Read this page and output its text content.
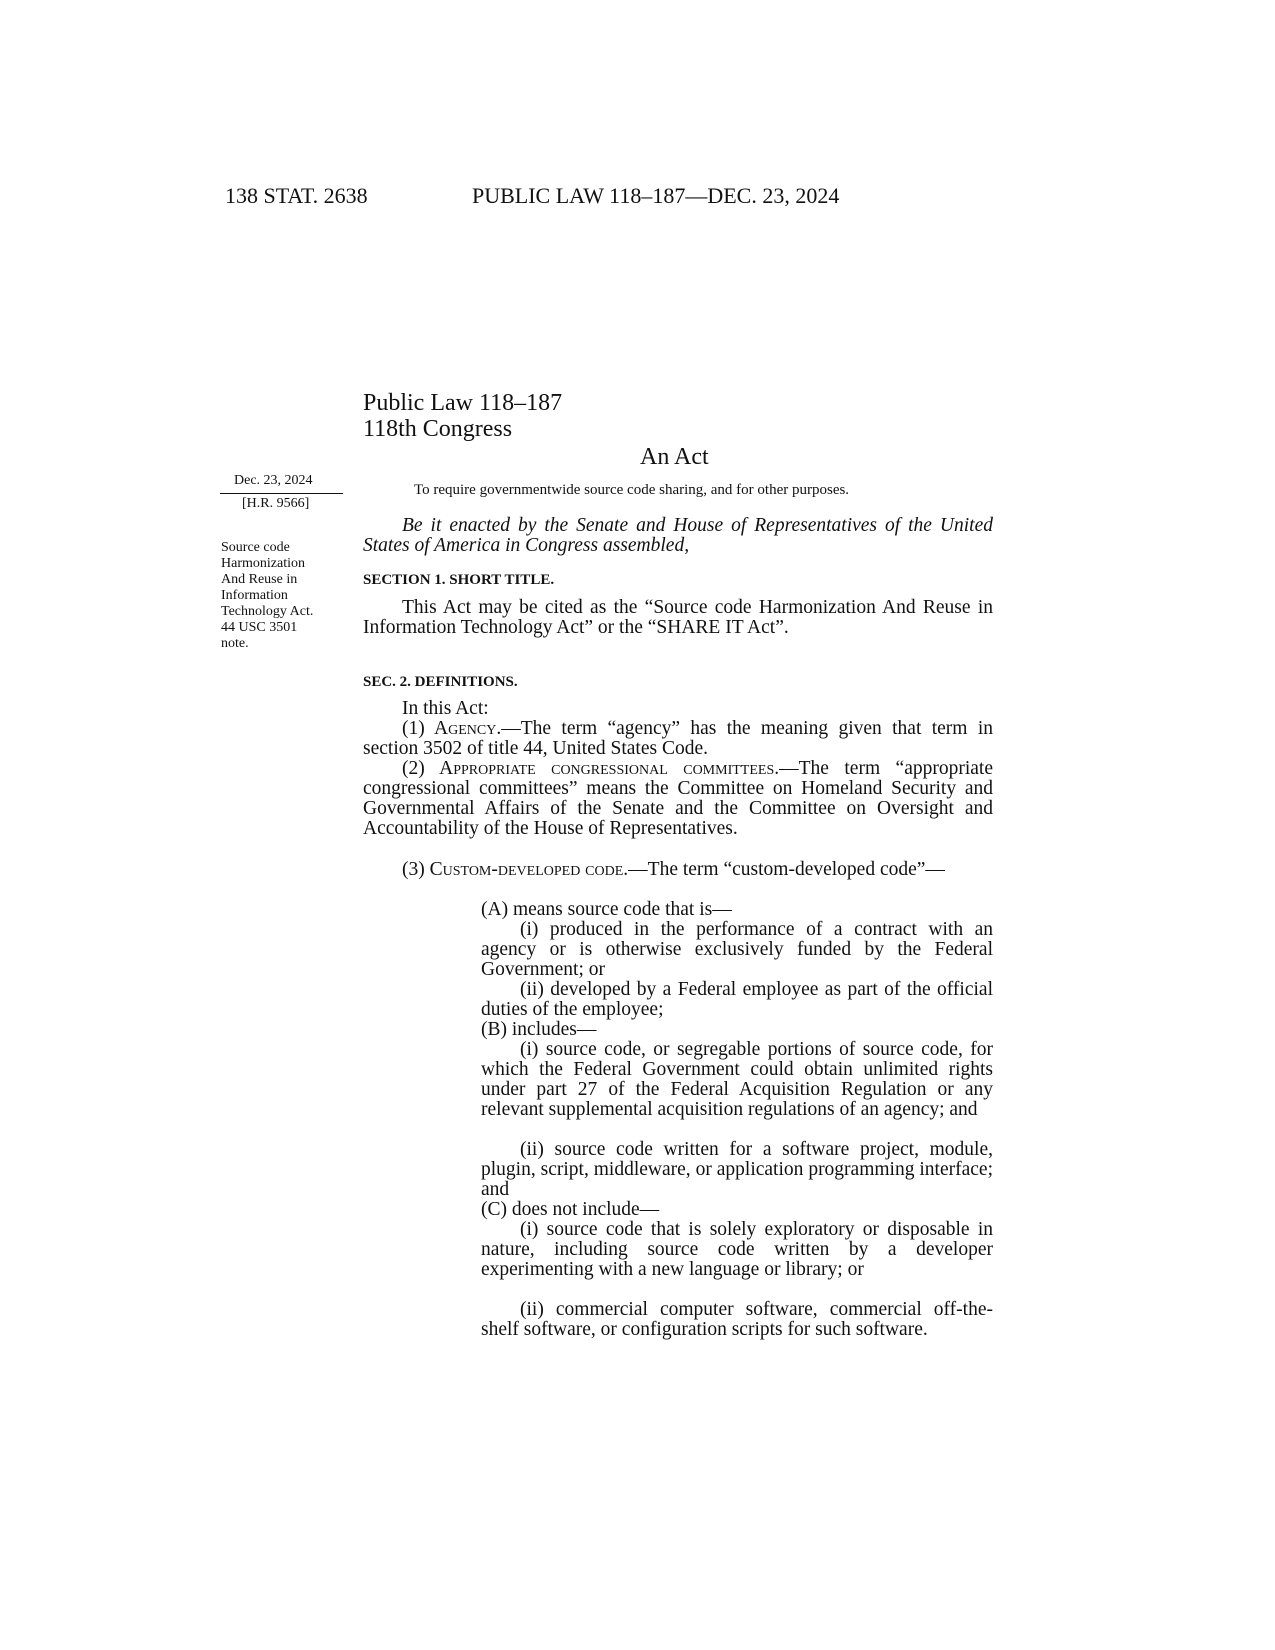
138 STAT. 2638	PUBLIC LAW 118–187—DEC. 23, 2024
Public Law 118–187
118th Congress
An Act
Dec. 23, 2024
[H.R. 9566]
Source code
Harmonization
And Reuse in
Information
Technology Act.
44 USC 3501
note.
To require governmentwide source code sharing, and for other purposes.
Be it enacted by the Senate and House of Representatives of the United States of America in Congress assembled,
SECTION 1. SHORT TITLE.
This Act may be cited as the “Source code Harmonization And Reuse in Information Technology Act” or the “SHARE IT Act”.
SEC. 2. DEFINITIONS.
In this Act:
(1) Agency.—The term “agency” has the meaning given that term in section 3502 of title 44, United States Code.
(2) Appropriate congressional committees.—The term “appropriate congressional committees” means the Committee on Homeland Security and Governmental Affairs of the Senate and the Committee on Oversight and Accountability of the House of Representatives.
(3) Custom-developed code.—The term “custom-developed code”—
(A) means source code that is—
(i) produced in the performance of a contract with an agency or is otherwise exclusively funded by the Federal Government; or
(ii) developed by a Federal employee as part of the official duties of the employee;
(B) includes—
(i) source code, or segregable portions of source code, for which the Federal Government could obtain unlimited rights under part 27 of the Federal Acquisition Regulation or any relevant supplemental acquisition regulations of an agency; and
(ii) source code written for a software project, module, plugin, script, middleware, or application programming interface; and
(C) does not include—
(i) source code that is solely exploratory or disposable in nature, including source code written by a developer experimenting with a new language or library; or
(ii) commercial computer software, commercial off-the-shelf software, or configuration scripts for such software.
